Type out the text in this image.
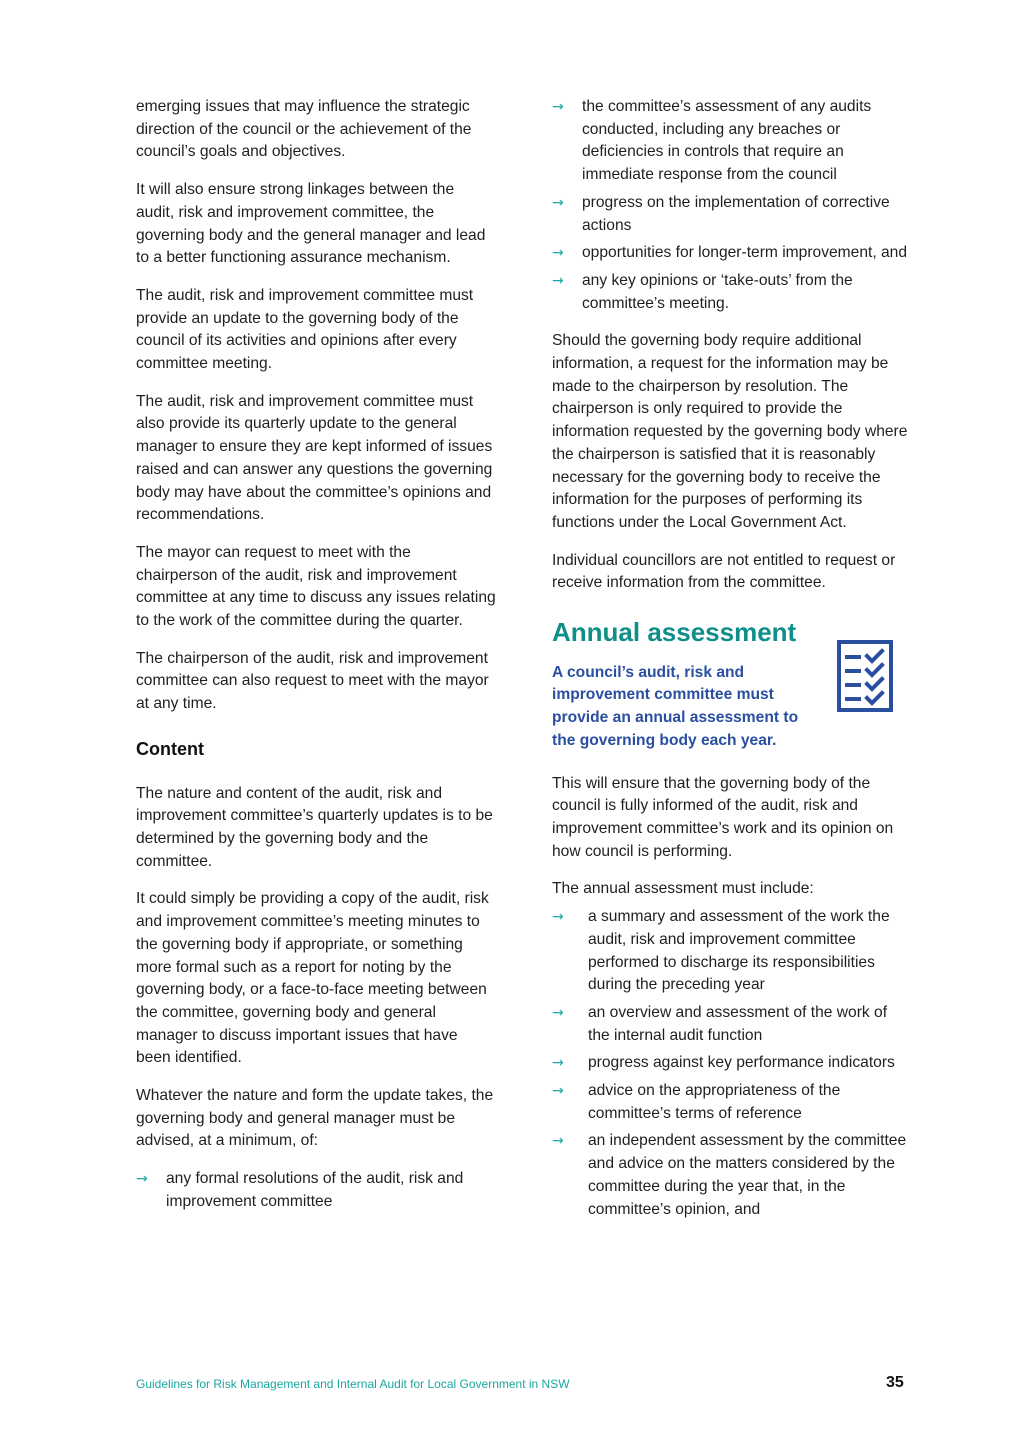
emerging issues that may influence the strategic direction of the council or the achievement of the council’s goals and objectives.

It will also ensure strong linkages between the audit, risk and improvement committee, the governing body and the general manager and lead to a better functioning assurance mechanism.

The audit, risk and improvement committee must provide an update to the governing body of the council of its activities and opinions after every committee meeting.

The audit, risk and improvement committee must also provide its quarterly update to the general manager to ensure they are kept informed of issues raised and can answer any questions the governing body may have about the committee’s opinions and recommendations.

The mayor can request to meet with the chairperson of the audit, risk and improvement committee at any time to discuss any issues relating to the work of the committee during the quarter.

The chairperson of the audit, risk and improvement committee can also request to meet with the mayor at any time.

Content

The nature and content of the audit, risk and improvement committee’s quarterly updates is to be determined by the governing body and the committee.

It could simply be providing a copy of the audit, risk and improvement committee’s meeting minutes to the governing body if appropriate, or something more formal such as a report for noting by the governing body, or a face-to-face meeting between the committee, governing body and general manager to discuss important issues that have been identified.

Whatever the nature and form the update takes, the governing body and general manager must be advised, at a minimum, of:

→ any formal resolutions of the audit, risk and improvement committee
→ the committee’s assessment of any audits conducted, including any breaches or deficiencies in controls that require an immediate response from the council
→ progress on the implementation of corrective actions
→ opportunities for longer-term improvement, and
→ any key opinions or ‘take-outs’ from the committee’s meeting.

Should the governing body require additional information, a request for the information may be made to the chairperson by resolution. The chairperson is only required to provide the information requested by the governing body where the chairperson is satisfied that it is reasonably necessary for the governing body to receive the information for the purposes of performing its functions under the Local Government Act.

Individual councillors are not entitled to request or receive information from the committee.

Annual assessment
A council’s audit, risk and improvement committee must provide an annual assessment to the governing body each year.

This will ensure that the governing body of the council is fully informed of the audit, risk and improvement committee’s work and its opinion on how council is performing.

The annual assessment must include:

→ a summary and assessment of the work the audit, risk and improvement committee performed to discharge its responsibilities during the preceding year
→ an overview and assessment of the work of the internal audit function
→ progress against key performance indicators
→ advice on the appropriateness of the committee’s terms of reference
→ an independent assessment by the committee and advice on the matters considered by the committee during the year that, in the committee’s opinion, and
Guidelines for Risk Management and Internal Audit for Local Government in NSW	35
